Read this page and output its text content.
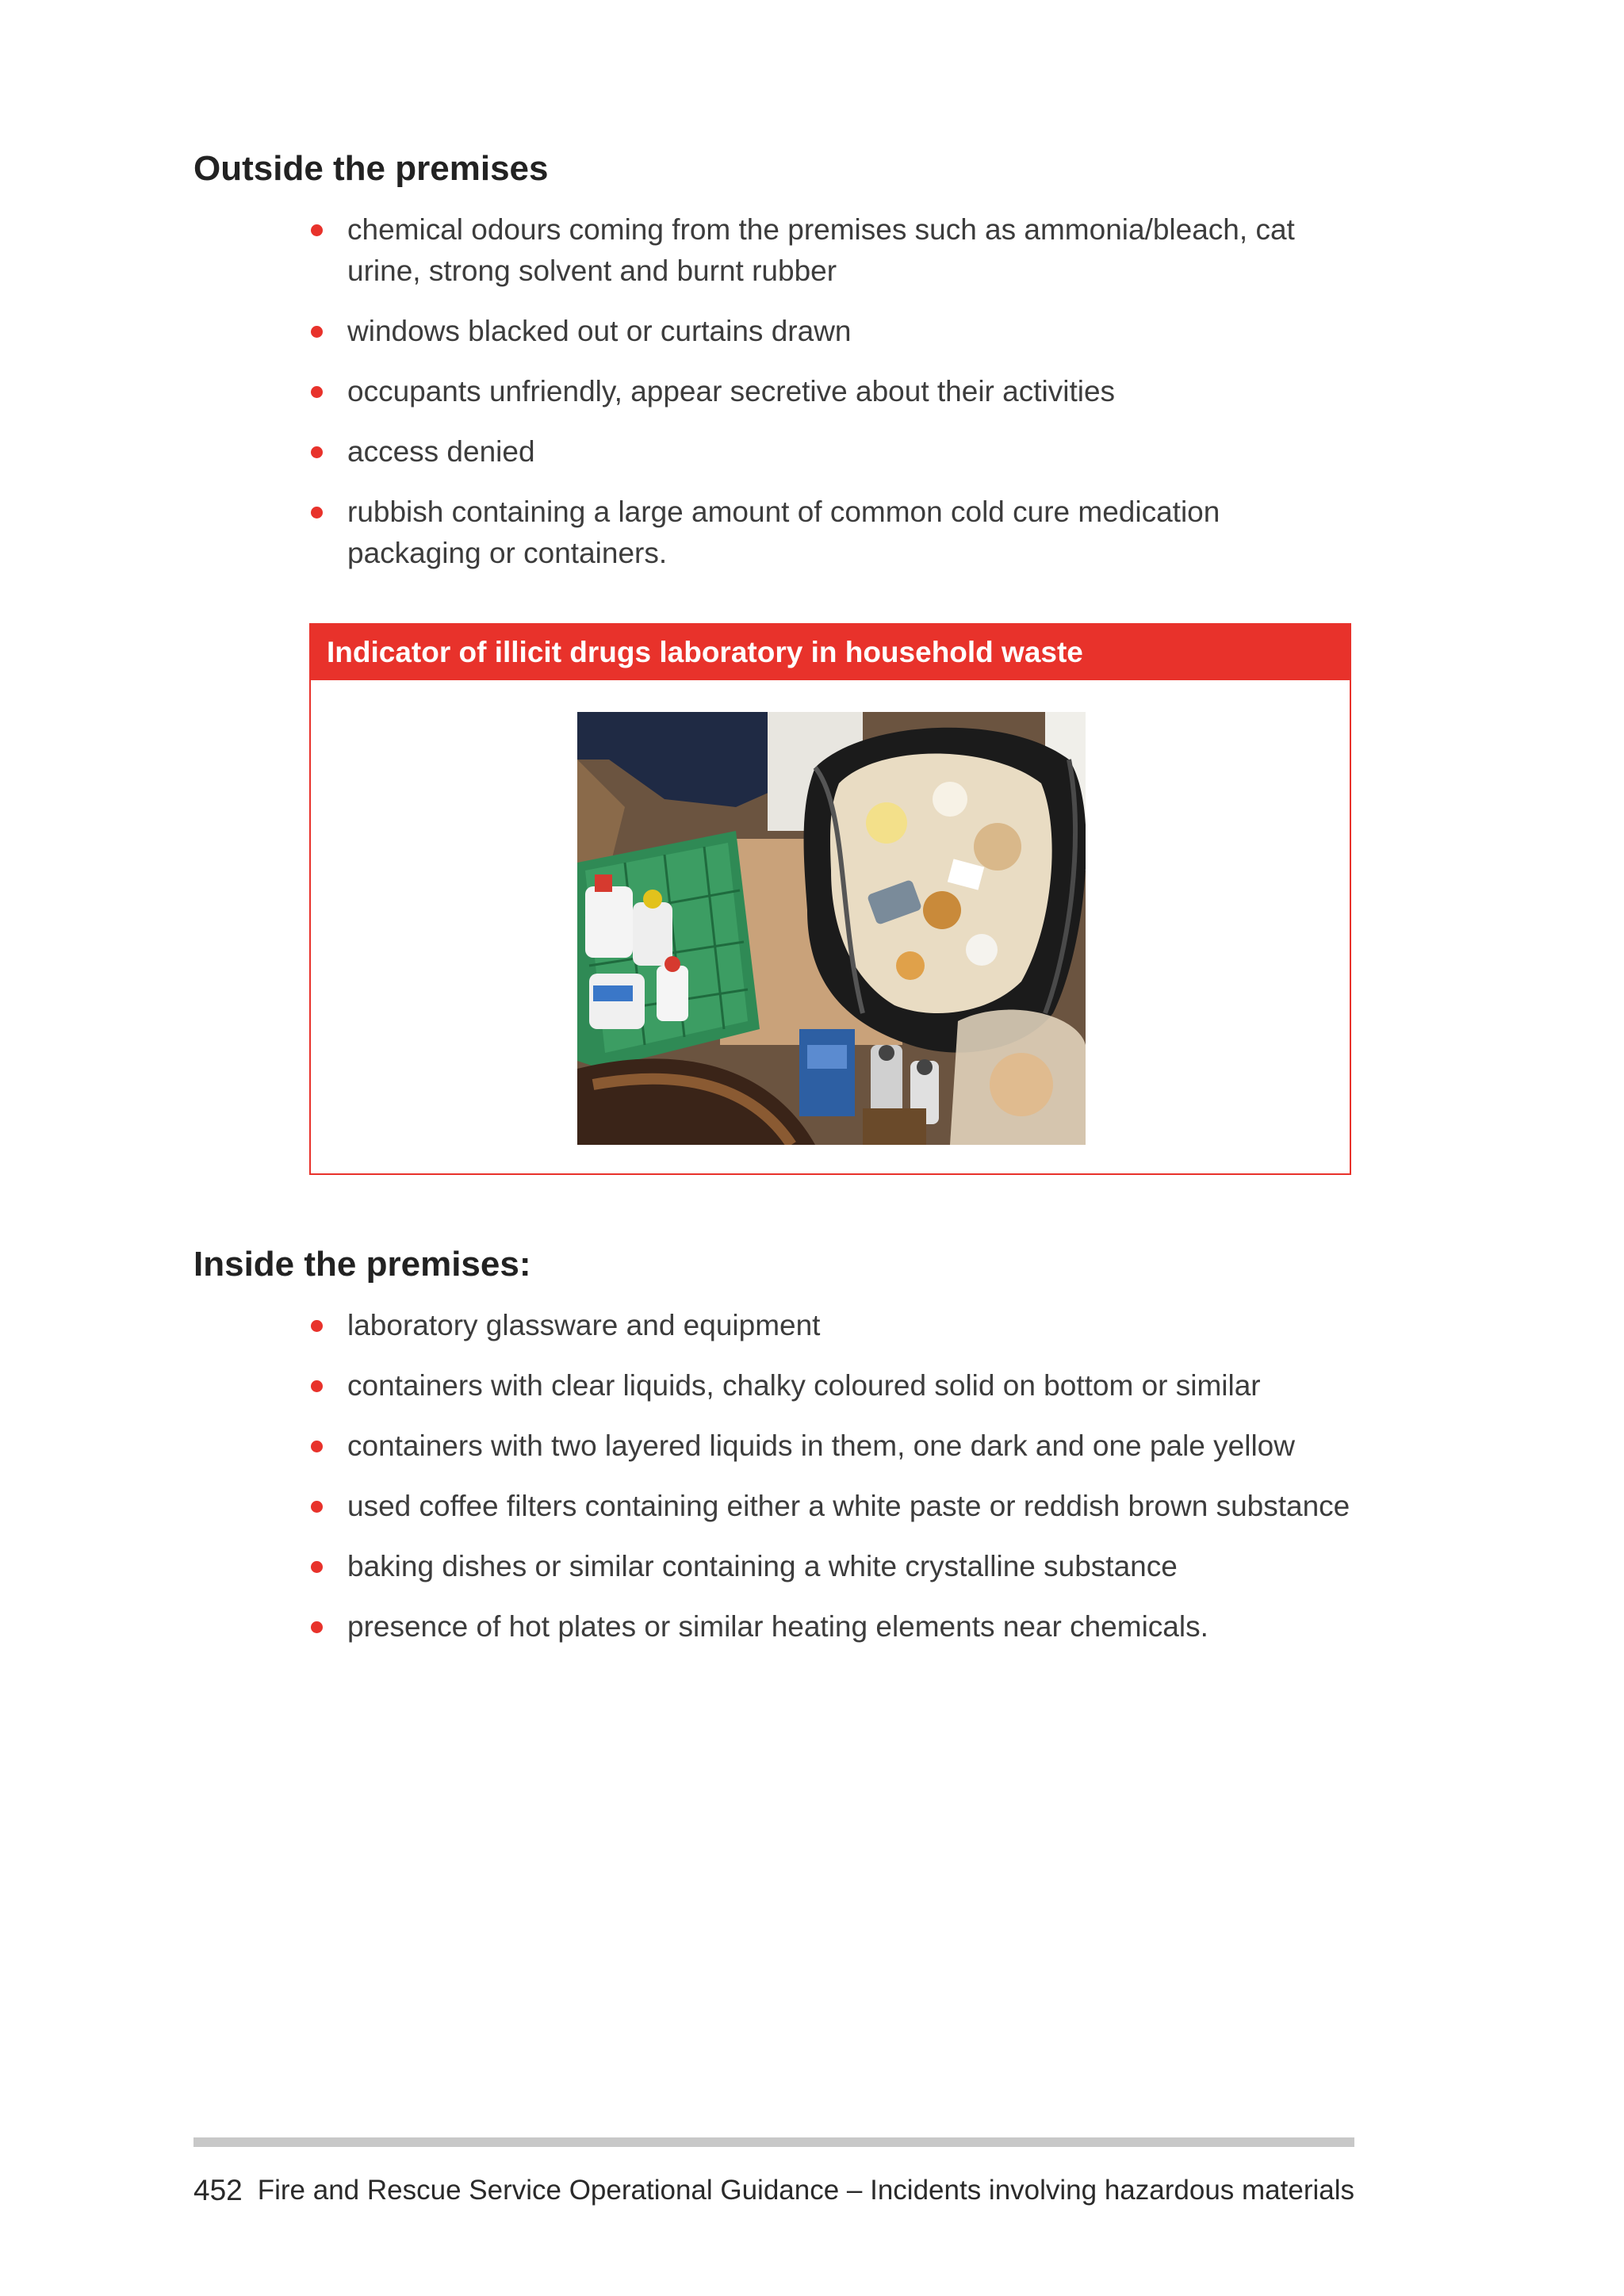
Outside the premises
chemical odours coming from the premises such as ammonia/bleach, cat urine, strong solvent and burnt rubber
windows blacked out or curtains drawn
occupants unfriendly, appear secretive about their activities
access denied
rubbish containing a large amount of common cold cure medication packaging or containers.
Indicator of illicit drugs laboratory in household waste
Inside the premises:
laboratory glassware and equipment
containers with clear liquids, chalky coloured solid on bottom or similar
containers with two layered liquids in them, one dark and one pale yellow
used coffee filters containing either a white paste or reddish brown substance
baking dishes or similar containing a white crystalline substance
presence of hot plates or similar heating elements near chemicals.
452 Fire and Rescue Service Operational Guidance – Incidents involving hazardous materials
